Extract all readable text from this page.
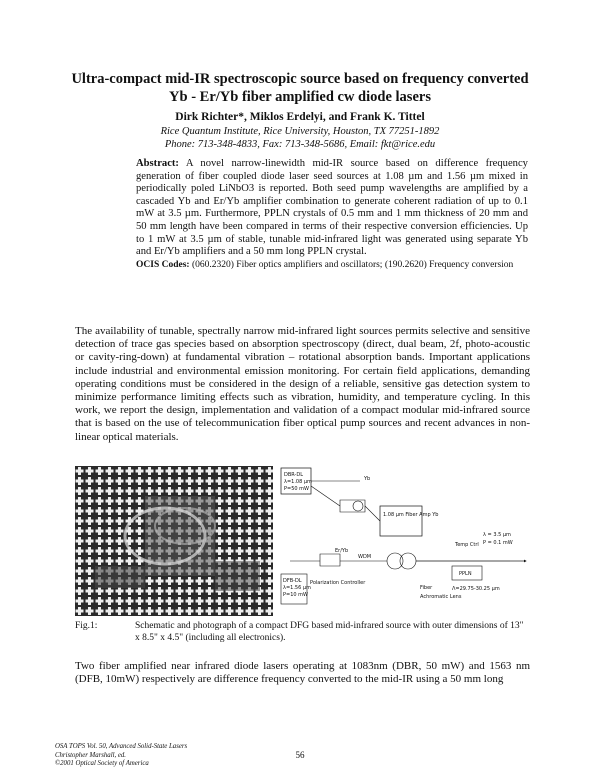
Ultra-compact mid-IR spectroscopic source based on frequency converted
Yb - Er/Yb fiber amplified cw diode lasers
Dirk Richter*, Miklos Erdelyi, and Frank K. Tittel
Rice Quantum Institute, Rice University, Houston, TX 77251-1892
Phone: 713-348-4833, Fax: 713-348-5686, Email: fkt@rice.edu
Abstract: A novel narrow-linewidth mid-IR source based on difference frequency generation of fiber coupled diode laser seed sources at 1.08 µm and 1.56 µm mixed in periodically poled LiNbO3 is reported. Both seed pump wavelengths are amplified by a cascaded Yb and Er/Yb amplifier combination to generate coherent radiation of up to 0.1 mW at 3.5 µm. Furthermore, PPLN crystals of 0.5 mm and 1 mm thickness of 20 mm and 50 mm length have been compared in terms of their respective conversion efficiencies. Up to 1 mW at 3.5 µm of stable, tunable mid-infrared light was generated using separate Yb and Er/Yb amplifiers and a 50 mm long PPLN crystal.
OCIS Codes: (060.2320) Fiber optics amplifiers and oscillators; (190.2620) Frequency conversion
The availability of tunable, spectrally narrow mid-infrared light sources permits selective and sensitive detection of trace gas species based on absorption spectroscopy (direct, dual beam, 2f, photo-acoustic or cavity-ring-down) at fundamental vibration – rotational absorption bands. Important applications include industrial and environmental emission monitoring. For certain field applications, demanding operating conditions must be considered in the design of a reliable, sensitive gas detection system to minimize performance limiting effects such as vibration, humidity, and temperature cycling. In this work, we report the design, implementation and validation of a compact modular mid-infrared source that is based on the use of telecommunication fiber optical pump sources and recent advances in non-linear optical materials.
DBR-DL
λ=1.08 µm
P=50 mW
Yb
1.08 µm Fiber Amp Yb
WDM
Er/Yb
Polarization Controller
DFB-DL
λ=1.56 µm
P=10 mW
Fiber
Temp Ctrl
PPLN
Λ=29.75-30.25 µm
Achromatic Lens
λ = 3.5 µm
P = 0.1 mW
Fig.1:	Schematic and photograph of a compact DFG based mid-infrared source with outer dimensions of 13" x 8.5" x 4.5" (including all electronics).
Two fiber amplified near infrared diode lasers operating at 1083nm (DBR, 50 mW) and 1563 nm (DFB, 10mW) respectively are difference frequency converted to the mid-IR using a 50 mm long
OSA TOPS Vol. 50, Advanced Solid-State Lasers
Christopher Marshall, ed.
©2001 Optical Society of America
56
